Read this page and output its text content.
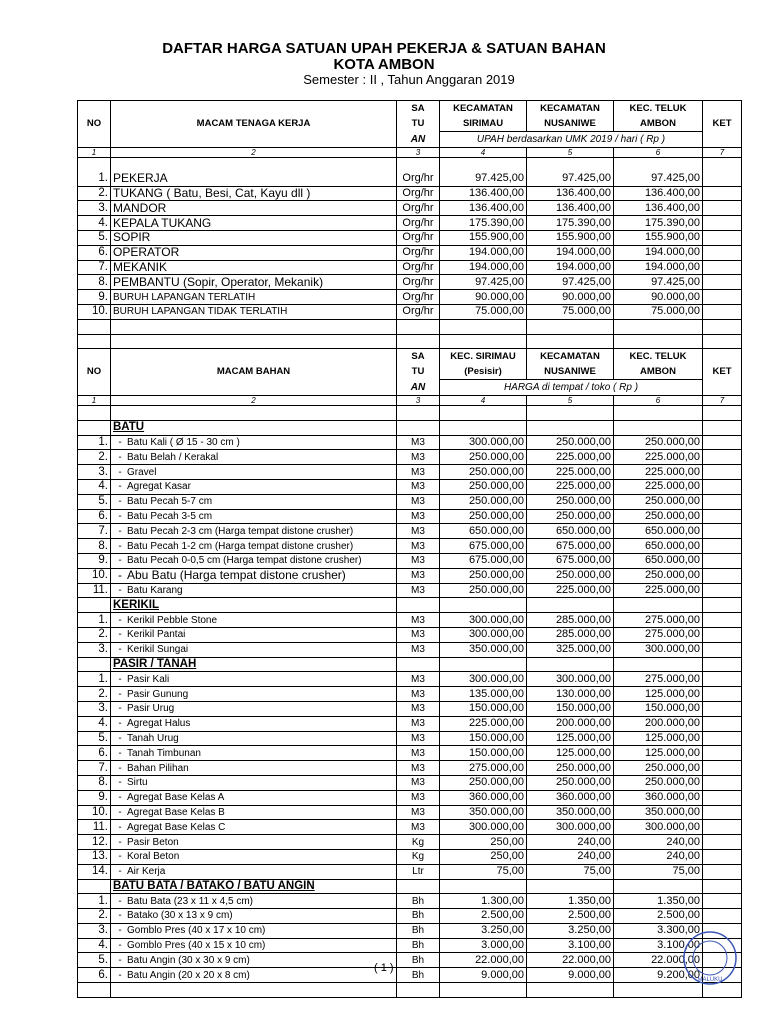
DAFTAR HARGA SATUAN UPAH PEKERJA & SATUAN BAHAN
KOTA AMBON
Semester : II , Tahun Anggaran 2019
		SA	KECAMATAN	KECAMATAN	KEC. TELUK	
NO	MACAM TENAGA KERJA	TU	SIRIMAU	NUSANIWE	AMBON	KET
		AN	UPAH berdasarkan UMK 2019 / hari ( Rp )			
1	2	3	4	5	6	7

1.	PEKERJA	Org/hr	97.425,00	97.425,00	97.425,00	
2.	TUKANG ( Batu, Besi, Cat, Kayu dll )	Org/hr	136.400,00	136.400,00	136.400,00	
3.	MANDOR	Org/hr	136.400,00	136.400,00	136.400,00	
4.	KEPALA TUKANG	Org/hr	175.390,00	175.390,00	175.390,00	
5.	SOPIR	Org/hr	155.900,00	155.900,00	155.900,00	
6.	OPERATOR	Org/hr	194.000,00	194.000,00	194.000,00	
7.	MEKANIK	Org/hr	194.000,00	194.000,00	194.000,00	
8.	PEMBANTU (Sopir, Operator, Mekanik)	Org/hr	97.425,00	97.425,00	97.425,00	
9.	BURUH LAPANGAN TERLATIH	Org/hr	90.000,00	90.000,00	90.000,00	
10.	BURUH LAPANGAN TIDAK TERLATIH	Org/hr	75.000,00	75.000,00	75.000,00	

		SA	KEC. SIRIMAU	KECAMATAN	KEC. TELUK	
NO	MACAM BAHAN	TU	(Pesisir)	NUSANIWE	AMBON	KET
		AN	HARGA di tempat / toko ( Rp )			
1	2	3	4	5	6	7

	BATU					
1.	- Batu Kali ( Ø 15 - 30 cm )	M3	300.000,00	250.000,00	250.000,00	
2.	- Batu Belah / Kerakal	M3	250.000,00	225.000,00	225.000,00	
3.	- Gravel	M3	250.000,00	225.000,00	225.000,00	
4.	- Agregat Kasar	M3	250.000,00	225.000,00	225.000,00	
5.	- Batu Pecah 5-7 cm	M3	250.000,00	250.000,00	250.000,00	
6.	- Batu Pecah 3-5 cm	M3	250.000,00	250.000,00	250.000,00	
7.	- Batu Pecah 2-3 cm (Harga tempat distone crusher)	M3	650.000,00	650.000,00	650.000,00	
8.	- Batu Pecah 1-2 cm (Harga tempat distone crusher)	M3	675.000,00	675.000,00	650.000,00	
9.	- Batu Pecah 0-0,5 cm (Harga tempat distone crusher)	M3	675.000,00	675.000,00	650.000,00	
10.	- Abu Batu (Harga tempat distone crusher)	M3	250.000,00	250.000,00	250.000,00	
11.	- Batu Karang	M3	250.000,00	225.000,00	225.000,00	
	KERIKIL					
1.	- Kerikil Pebble Stone	M3	300.000,00	285.000,00	275.000,00	
2.	- Kerikil Pantai	M3	300.000,00	285.000,00	275.000,00	
3.	- Kerikil Sungai	M3	350.000,00	325.000,00	300.000,00	
	PASIR / TANAH					
1.	- Pasir Kali	M3	300.000,00	300.000,00	275.000,00	
2.	- Pasir Gunung	M3	135.000,00	130.000,00	125.000,00	
3.	- Pasir Urug	M3	150.000,00	150.000,00	150.000,00	
4.	- Agregat Halus	M3	225.000,00	200.000,00	200.000,00	
5.	- Tanah Urug	M3	150.000,00	125.000,00	125.000,00	
6.	- Tanah Timbunan	M3	150.000,00	125.000,00	125.000,00	
7.	- Bahan Pilihan	M3	275.000,00	250.000,00	250.000,00	
8.	- Sirtu	M3	250.000,00	250.000,00	250.000,00	
9.	- Agregat Base Kelas A	M3	360.000,00	360.000,00	360.000,00	
10.	- Agregat Base Kelas B	M3	350.000,00	350.000,00	350.000,00	
11.	- Agregat Base Kelas C	M3	300.000,00	300.000,00	300.000,00	
12.	- Pasir Beton	Kg	250,00	240,00	240,00	
13.	- Koral Beton	Kg	250,00	240,00	240,00	
14.	- Air Kerja	Ltr	75,00	75,00	75,00	
	BATU BATA / BATAKO / BATU ANGIN					
1.	- Batu Bata (23 x 11 x 4,5 cm)	Bh	1.300,00	1.350,00	1.350,00	
2.	- Batako (30 x 13 x 9 cm)	Bh	2.500,00	2.500,00	2.500,00	
3.	- Gomblo Pres (40 x 17 x 10 cm)	Bh	3.250,00	3.250,00	3.300,00	
4.	- Gomblo Pres (40 x 15 x 10 cm)	Bh	3.000,00	3.100,00	3.100,00	
5.	- Batu Angin (30 x 30 x 9 cm)	Bh	22.000,00	22.000,00	22.000,00	
6.	- Batu Angin (20 x 20 x 8 cm)	Bh	9.000,00	9.000,00	9.200,00	

( 1 )
MALUKU
